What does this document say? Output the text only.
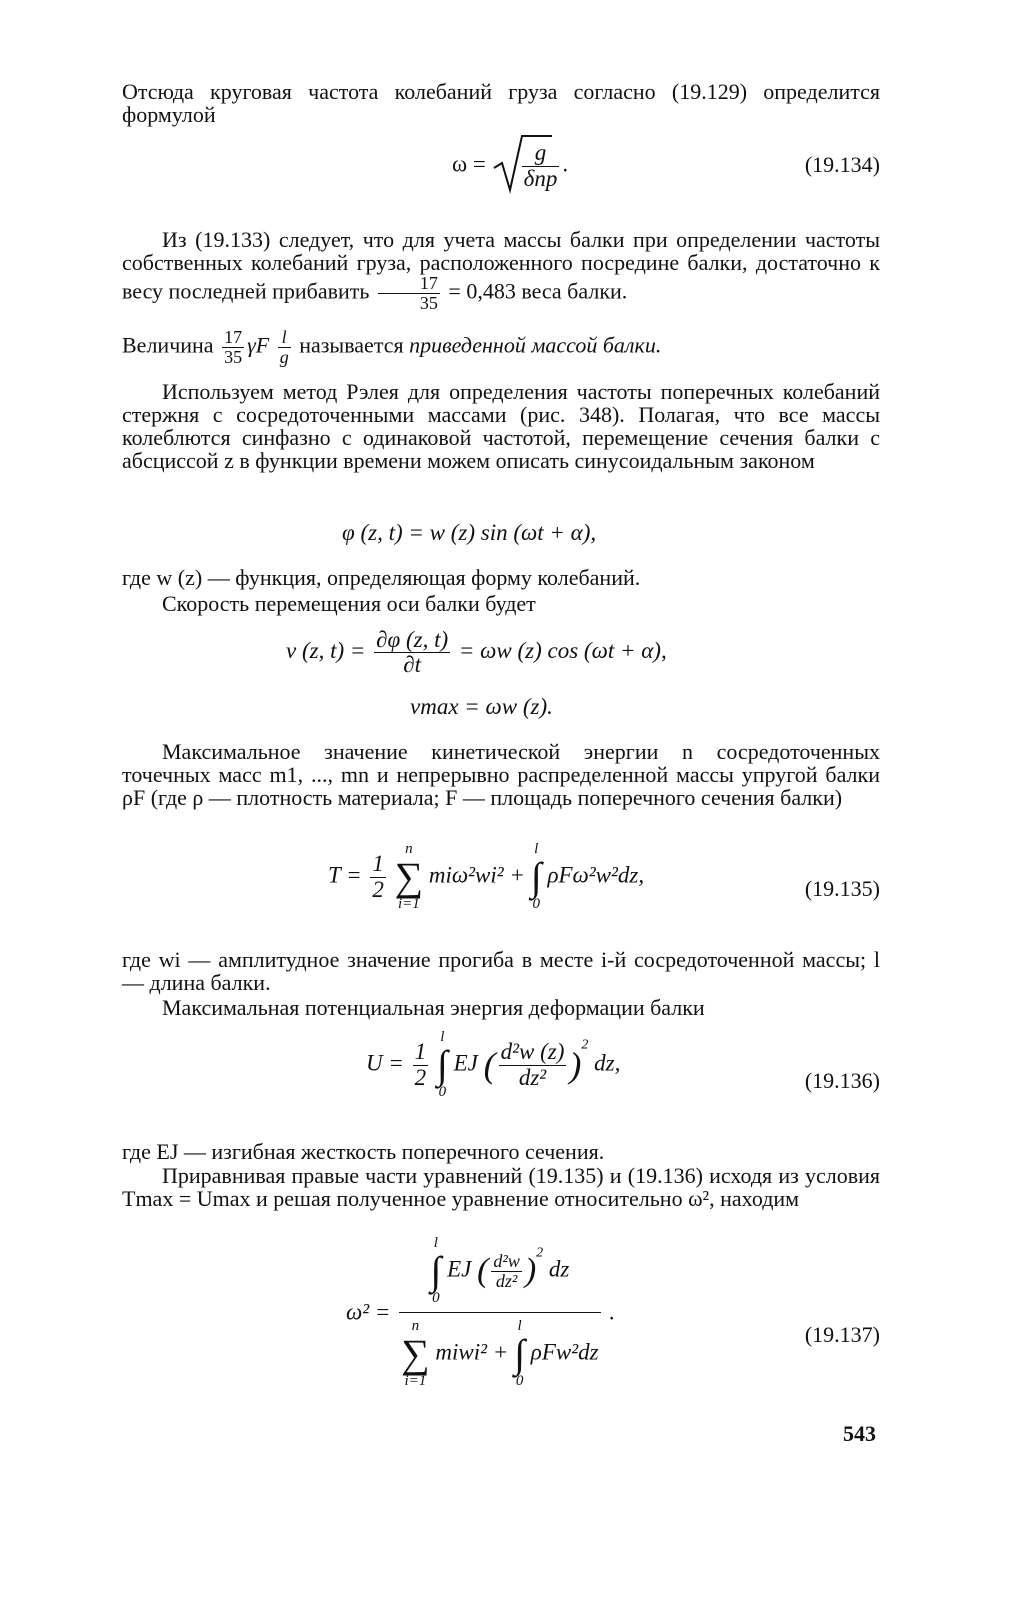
Отсюда круговая частота колебаний груза согласно (19.129) определится формулой
$\omega = \frac{g}{\text{δпр}}$ .	(19.134)
Из (19.133) следует, что для учета массы балки при определении частоты собственных колебаний груза, расположенного посредине балки, достаточно к весу последней прибавить $\frac{17}{35} = 0,483$ веса балки.
Величина $\frac{17}{35}$ γF $\frac{l}{g}$ называется приведенной массой балки.
Используем метод Рэлея для определения частоты поперечных колебаний стержня с сосредоточенными массами (рис. 348). Полагая, что все массы колеблются синфазно с одинаковой частотой, перемещение сечения балки с абсциссой z в функции времени можем описать синусоидальным законом
φ (z, t) = w (z) sin (ωt + α),
где w (z) — функция, определяющая форму колебаний.
Скорость перемещения оси балки будет
v (z, $t) = \frac{\partial\varphi (z, t)}{\partial t} = \omega w$ (z) cos (ωt + α),
vmax = ωw (z).
Максимальное значение кинетической энергии n сосредоточенных точечных масс m1, ..., mn и непрерывно распределенной массы упругой балки ρF (где ρ — плотность материала; F — площадь поперечного сечения балки)
$T = \frac{1}{2}$

n
∑
i=1
miω²wi² +
l
∫
0
ρFω²w²dz,
(19.135)
где wi — амплитудное значение прогиба в месте i-й сосредоточенной массы; l — длина балки.
Максимальная потенциальная энергия деформации балки
$U = \frac{1}{2}$

l
∫
0
EJ ( $\frac{\text{d²w (z)}}{\text{dz²}} )^2$ dz,
(19.136)
где EJ — изгибная жесткость поперечного сечения.
Приравнивая правые части уравнений (19.135) и (19.136) исходя из условия Tmax = Umax и решая полученное уравнение относительно ω², находим
ω² =
l
∫
0
EJ ( $\frac{\text{d²w}}{\text{dz²}} )^2$ dz
n
∑
i=1
miwi² +
l
∫
0
ρFw²dz
.
(19.137)
543
